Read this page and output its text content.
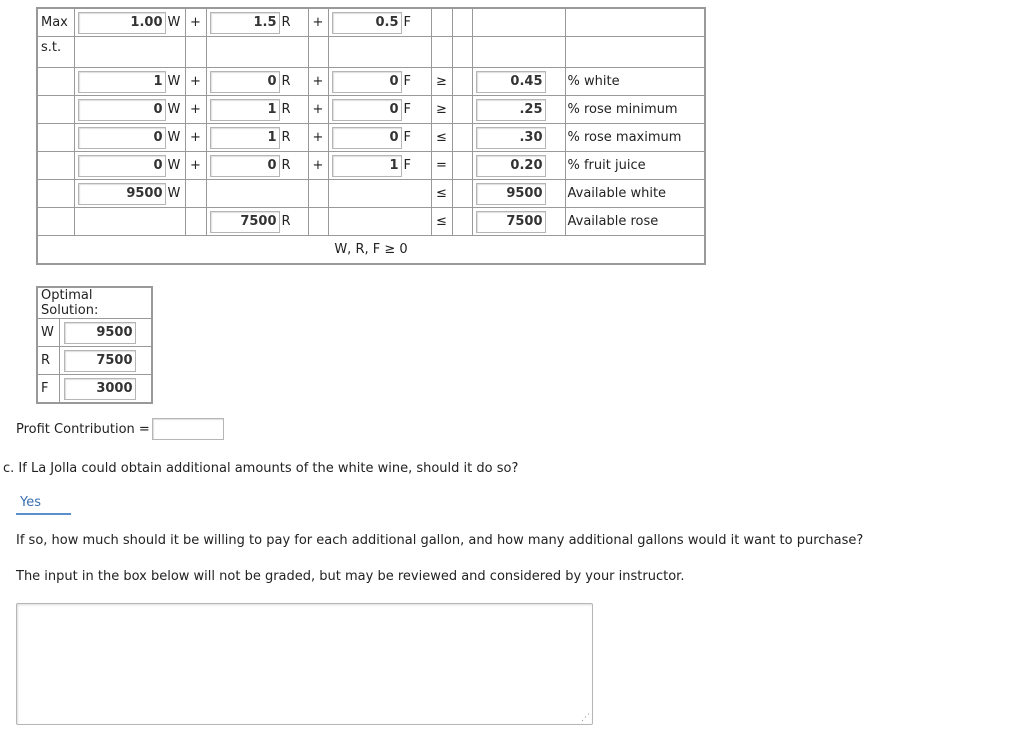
Max	1.00 W	+	1.5 R	+	0.5 F				

s.t.									

	1 W	+	0 R	+	0 F	≥		0.45	% white

	0 W	+	1 R	+	0 F	≥		.25	% rose minimum

	0 W	+	1 R	+	0 F	≤		.30	% rose maximum

	0 W	+	0 R	+	1 F	=		0.20	% fruit juice

	9500 W					≤		9500	Available white

			7500 R			≤		7500	Available rose
W, R, F ≥ 0									
Optimal Solution:	
W	9500

R	7500

F	3000
Profit Contribution =
c. If La Jolla could obtain additional amounts of the white wine, should it do so?
Yes
If so, how much should it be willing to pay for each additional gallon, and how many additional gallons would it want to purchase?
The input in the box below will not be graded, but may be reviewed and considered by your instructor.
⋰
